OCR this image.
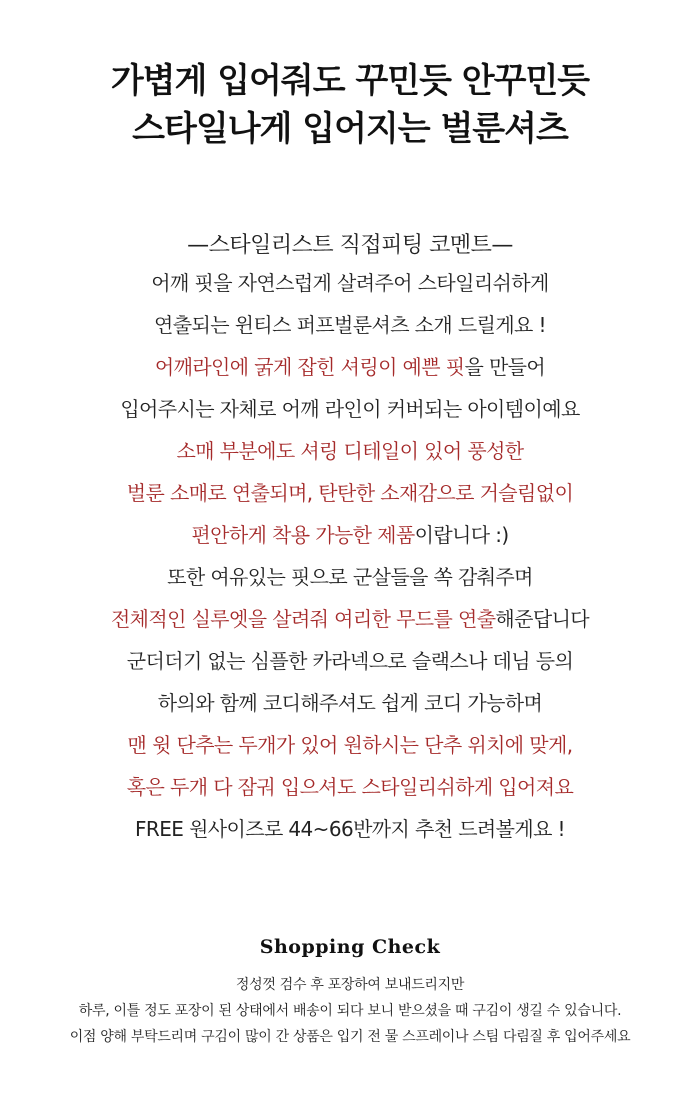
가볍게 입어줘도 꾸민듯 안꾸민듯
스타일나게 입어지는 벌룬셔츠
—스타일리스트 직접피팅 코멘트—
어깨 핏을 자연스럽게 살려주어 스타일리쉬하게
연출되는 윈티스 퍼프벌룬셔츠 소개 드릴게요 !
어깨라인에 굵게 잡힌 셔링이 예쁜 핏을 만들어
입어주시는 자체로 어깨 라인이 커버되는 아이템이예요
소매 부분에도 셔링 디테일이 있어 풍성한
벌룬 소매로 연출되며, 탄탄한 소재감으로 거슬림없이
편안하게 착용 가능한 제품이랍니다 :)
또한 여유있는 핏으로 군살들을 쏙 감춰주며
전체적인 실루엣을 살려줘 여리한 무드를 연출해준답니다
군더더기 없는 심플한 카라넥으로 슬랙스나 데님 등의
하의와 함께 코디해주셔도 쉽게 코디 가능하며
맨 윗 단추는 두개가 있어 원하시는 단추 위치에 맞게,
혹은 두개 다 잠궈 입으셔도 스타일리쉬하게 입어져요
FREE 원사이즈로 44~66반까지 추천 드려볼게요 !
Shopping Check
정성껏 검수 후 포장하여 보내드리지만
하루, 이틀 정도 포장이 된 상태에서 배송이 되다 보니 받으셨을 때 구김이 생길 수 있습니다.
이점 양해 부탁드리며 구김이 많이 간 상품은 입기 전 물 스프레이나 스팀 다림질 후 입어주세요
